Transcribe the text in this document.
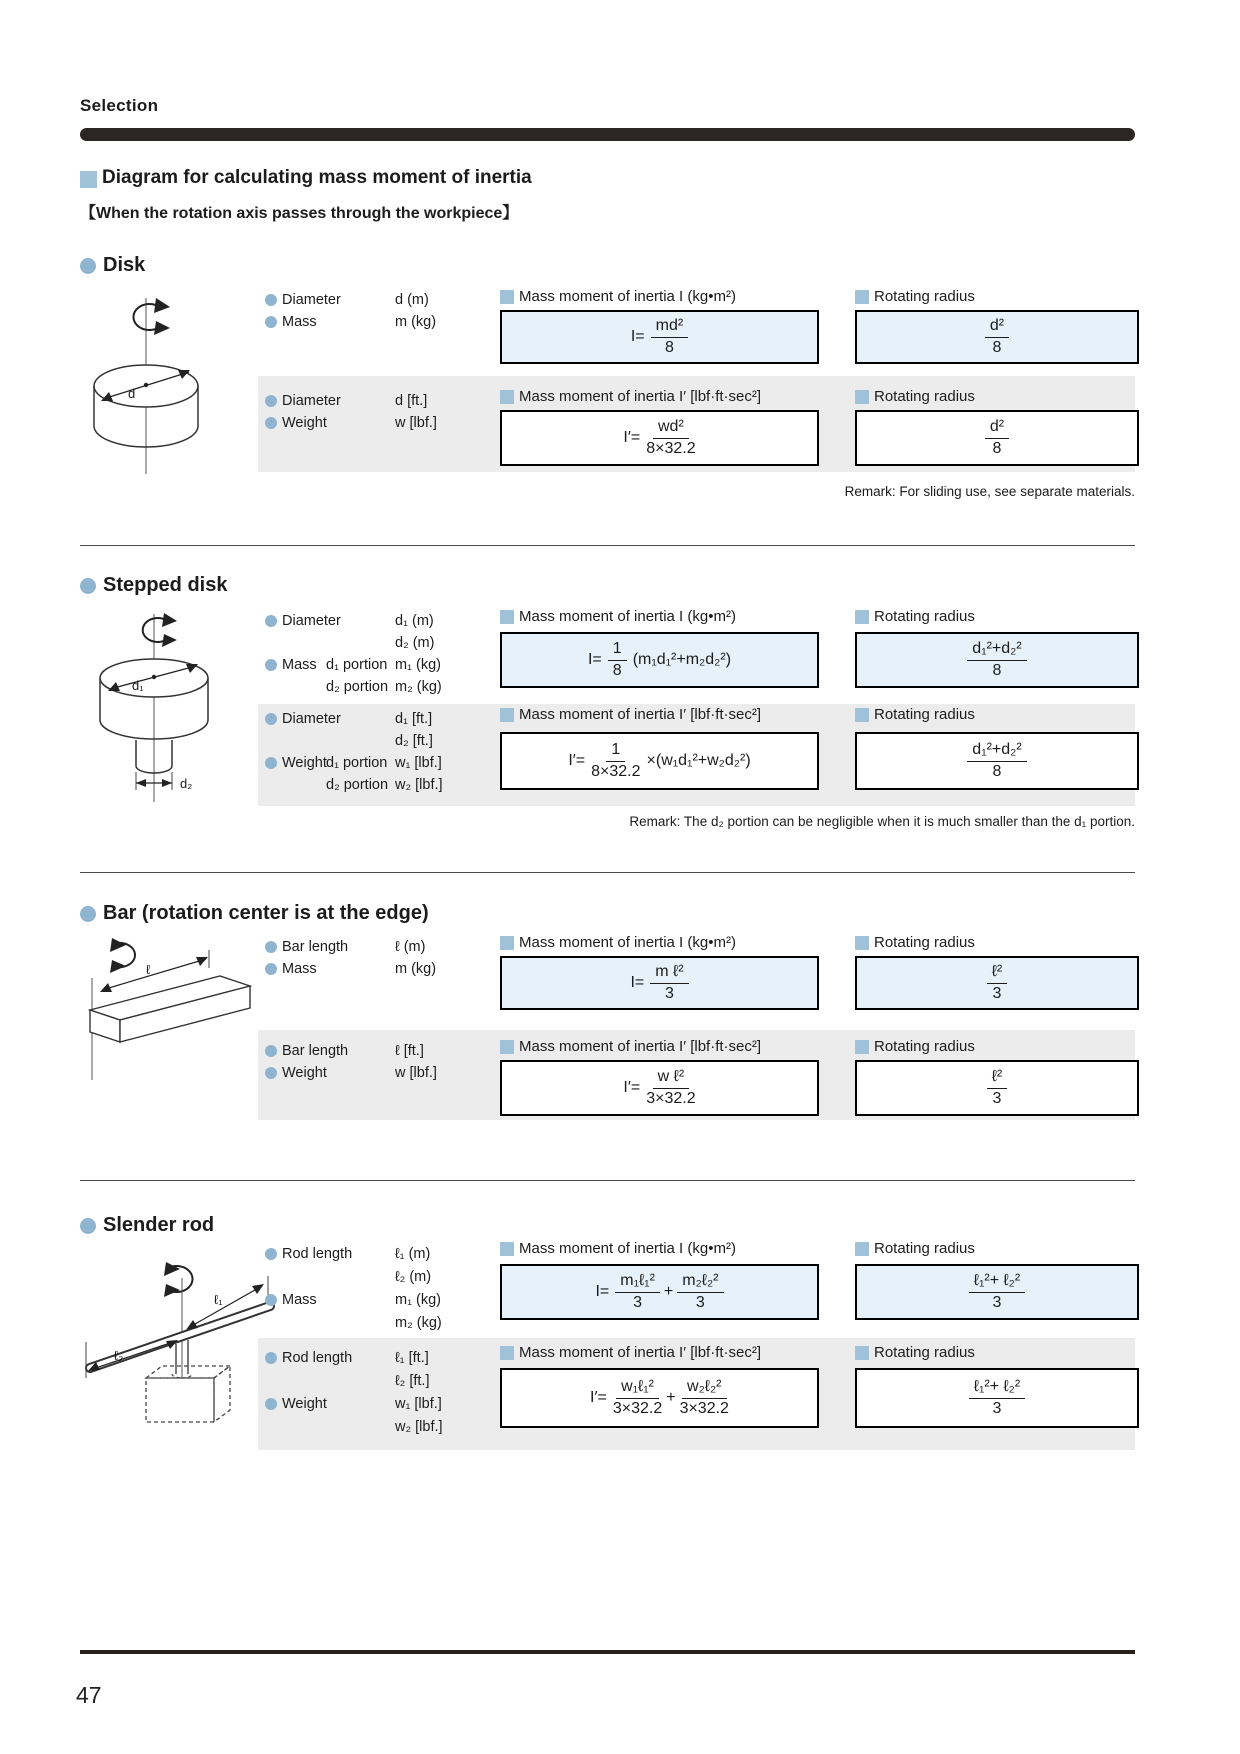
Selection
Diagram for calculating mass moment of inertia
【When the rotation axis passes through the workpiece】
Disk
d
Diameter	d (m)
Mass	m (kg)
Mass moment of inertia I (kg•m²)
$I= \frac{\text{md²}}{8}$
Rotating radius
$\frac{\text{d²}}{8}$
Diameter	d [ft.]
Weight	w [lbf.]
Mass moment of inertia I′ [lbf·ft·sec²]
$I'= \frac{\text{wd²}}{8\times 32.2}$
Rotating radius
$\frac{\text{d²}}{8}$
Remark: For sliding use, see separate materials.
Stepped disk
d₁
d₂
Diameter	d₁ (m)
d₂ (m)
Mass d₁ portion m₁ (kg)
d₂ portion m₂ (kg)
Mass moment of inertia I (kg•m²)
$I= \frac{1}{8} (m_1d_1^2+m_2d_2^2)$
Rotating radius
$\frac{\text{d₁²+d₂²}}{8}$
Diameter	d₁ [ft.]
d₂ [ft.]
Weight d₁ portion w₁ [lbf.]
d₂ portion w₂ [lbf.]
Mass moment of inertia I′ [lbf·ft·sec²]
$I'= \frac{1}{8\times 32.2} \times(w_1d_1^2+w_2d_2^2)$
Rotating radius
$\frac{\text{d₁²+d₂²}}{8}$
Remark: The d₂ portion can be negligible when it is much smaller than the d₁ portion.
Bar (rotation center is at the edge)
ℓ
Bar length	ℓ (m)
Mass	m (kg)
Mass moment of inertia I (kg•m²)
$I= \frac{\text{m ℓ²}}{3}$
Rotating radius
$\frac{\text{ℓ²}}{3}$
Bar length	ℓ [ft.]
Weight	w [lbf.]
Mass moment of inertia I′ [lbf·ft·sec²]
$I'= \frac{\text{w ℓ²}}{3\times 32.2}$
Rotating radius
$\frac{\text{ℓ²}}{3}$
Slender rod
ℓ₁
ℓ₂
Rod length	ℓ₁ (m)
ℓ₂ (m)
Mass	m₁ (kg)
m₂ (kg)
Mass moment of inertia I (kg•m²)
$I= \frac{\text{m₁ℓ₁²}}{3} + \frac{\text{m₂ℓ₂²}}{3}$
Rotating radius
$\frac{\text{ℓ₁²+ ℓ₂²}}{3}$
Rod length	ℓ₁ [ft.]
ℓ₂ [ft.]
Weight	w₁ [lbf.]
w₂ [lbf.]
Mass moment of inertia I′ [lbf·ft·sec²]
$I'= \frac{\text{w₁ℓ₁²}}{3\times 32.2} + \frac{\text{w₂ℓ₂²}}{3\times 32.2}$
Rotating radius
$\frac{\text{ℓ₁²+ ℓ₂²}}{3}$
47
